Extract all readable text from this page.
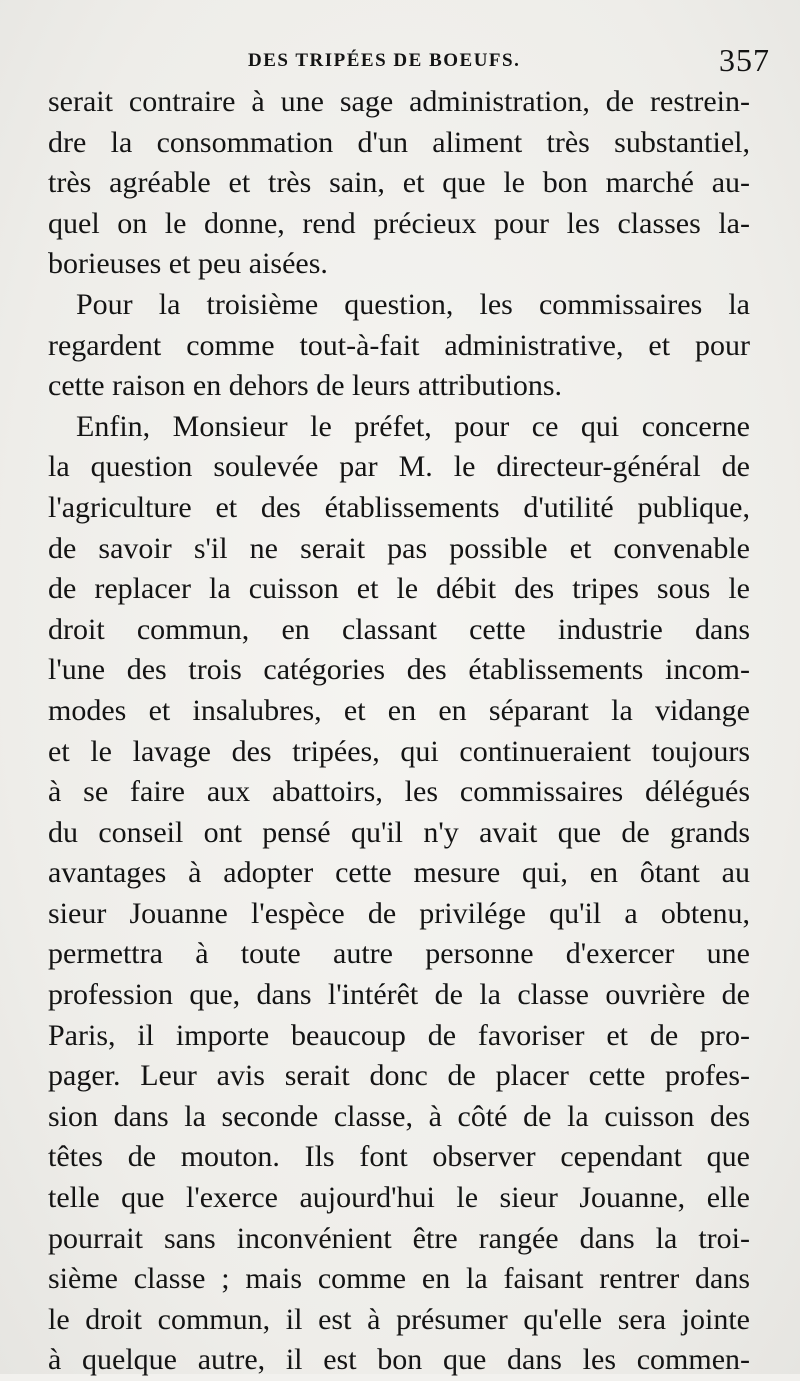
DES TRIPÉES DE BOEUFS.	357
serait contraire à une sage administration, de restrein-
dre la consommation d'un aliment très substantiel,
très agréable et très sain, et que le bon marché au-
quel on le donne, rend précieux pour les classes la-
borieuses et peu aisées.
Pour la troisième question, les commissaires la
regardent comme tout-à-fait administrative, et pour
cette raison en dehors de leurs attributions.
Enfin, Monsieur le préfet, pour ce qui concerne
la question soulevée par M. le directeur-général de
l'agriculture et des établissements d'utilité publique,
de savoir s'il ne serait pas possible et convenable
de replacer la cuisson et le débit des tripes sous le
droit commun, en classant cette industrie dans
l'une des trois catégories des établissements incom-
modes et insalubres, et en en séparant la vidange
et le lavage des tripées, qui continueraient toujours
à se faire aux abattoirs, les commissaires délégués
du conseil ont pensé qu'il n'y avait que de grands
avantages à adopter cette mesure qui, en ôtant au
sieur Jouanne l'espèce de privilége qu'il a obtenu,
permettra à toute autre personne d'exercer une
profession que, dans l'intérêt de la classe ouvrière de
Paris, il importe beaucoup de favoriser et de pro-
pager. Leur avis serait donc de placer cette profes-
sion dans la seconde classe, à côté de la cuisson des
têtes de mouton. Ils font observer cependant que
telle que l'exerce aujourd'hui le sieur Jouanne, elle
pourrait sans inconvénient être rangée dans la troi-
sième classe ; mais comme en la faisant rentrer dans
le droit commun, il est à présumer qu'elle sera jointe
à quelque autre, il est bon que dans les commen-
